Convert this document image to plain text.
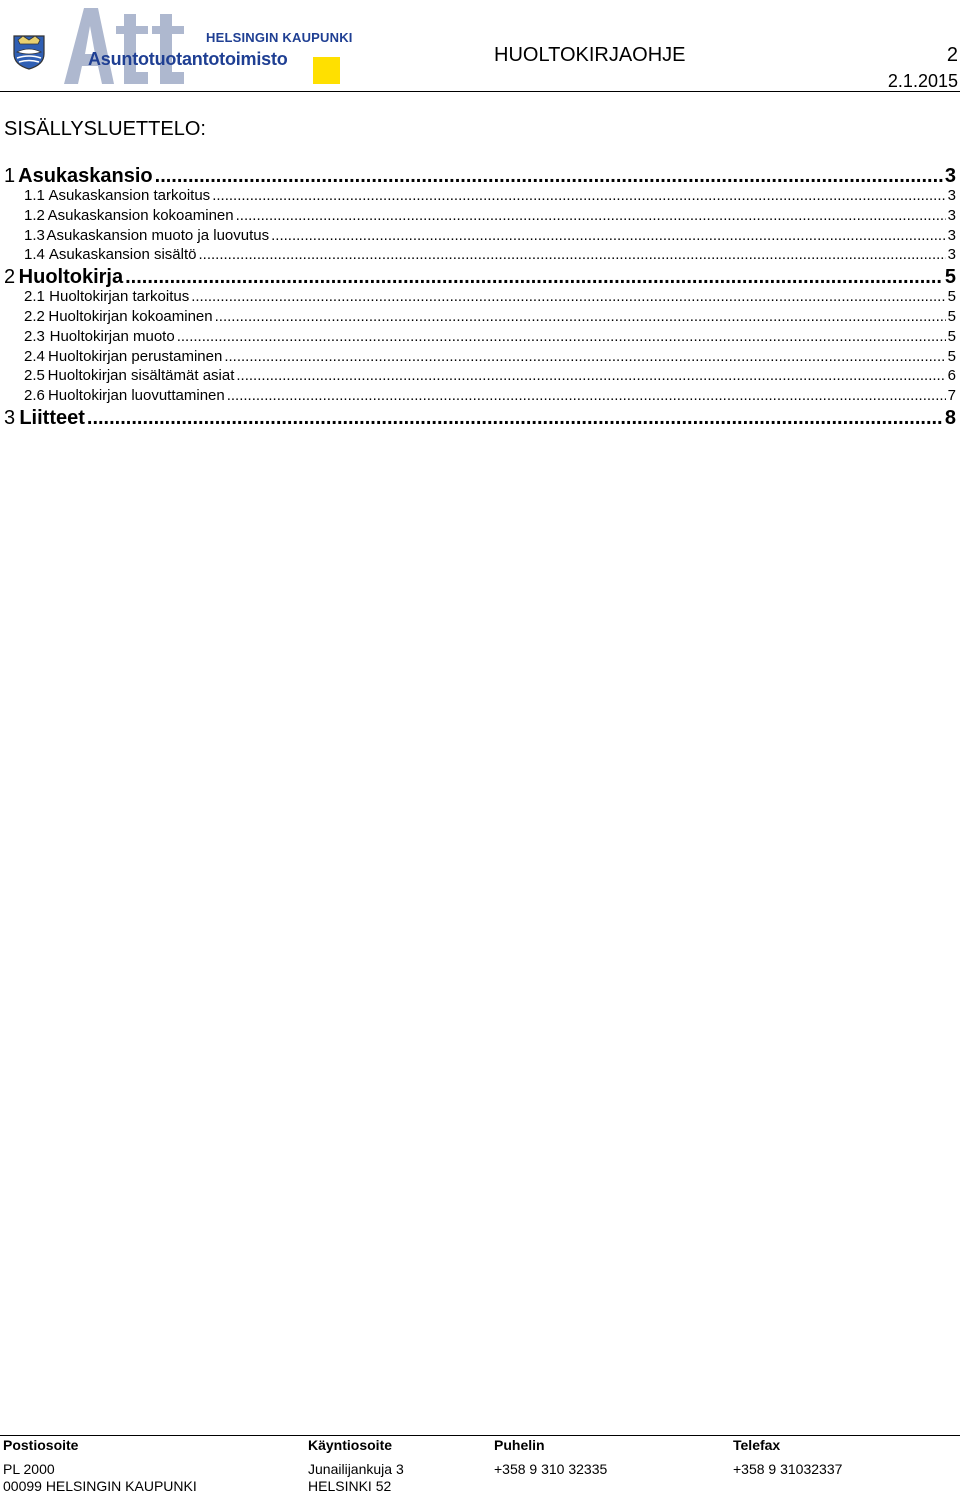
Asuntotuotantotoimisto
HELSINGIN KAUPUNKI
HUOLTOKIRJAOHJE	2
2.1.2015
SISÄLLYSLUETTELO:
1 Asukaskansio .....	3
1.1 Asukaskansion tarkoitus .....	3
1.2 Asukaskansion kokoaminen .....	3
1.3 Asukaskansion muoto ja luovutus .....	3
1.4 Asukaskansion sisältö .....	3
2 Huoltokirja .....	5
2.1 Huoltokirjan tarkoitus .....	5
2.2 Huoltokirjan kokoaminen .....	5
2.3 Huoltokirjan muoto .....	5
2.4 Huoltokirjan perustaminen .....	5
2.5 Huoltokirjan sisältämät asiat .....	6
2.6 Huoltokirjan luovuttaminen .....	7
3 Liitteet .....	8
Postiosoite
PL 2000
00099 HELSINGIN KAUPUNKI
Käyntiosoite
Junailijankuja 3
HELSINKI 52
Puhelin
+358 9 310 32335
Telefax
+358 9 31032337
